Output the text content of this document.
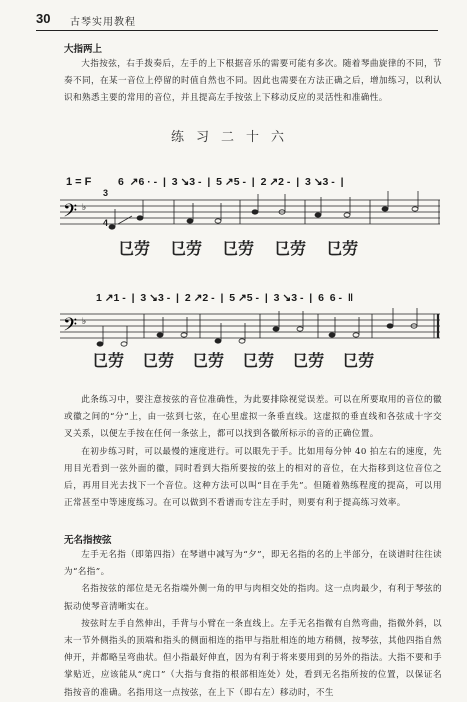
30 古琴实用教程
大指两上

大指按弦，右手拨奏后，左手的上下根据音乐的需要可能有多次。随着琴曲旋律的不同，节奏不同，在某一音位上停留的时值自然也不同。因此也需要在方法正确之后，增加练习，以利认识和熟悉主要的常用的音位，并且提高左手按弦上下移动反应的灵活性和准确性。

练习二十六
1 = F

3

4

6  ↗6 · -  |  3 ↘3 -  |  5 ↗5 -  |  2 ↗2 -  |  3 ↘3 -  |
𝄢 ♭
㔾劳 㔾劳 㔾劳 㔾劳 㔾劳
1 ↗1 -  |  3 ↘3 -  |  2 ↗2 -  |  5 ↗5 -  |  3 ↘3 -  |  6  6 -  ‖
𝄢 ♭
㔾劳 㔾劳 㔾劳 㔾劳 㔾劳 㔾劳

此条练习中，要注意按弦的音位准确性，为此要排除视觉误差。可以在所要取用的音位的徽或徽之间的“分”上，由一弦到七弦，在心里虚拟一条垂直线。这虚拟的垂直线和各弦成十字交叉关系，以便左手按在任何一条弦上，都可以找到各徽所标示的音的正确位置。

在初步练习时，可以最慢的速度进行。可以眼先于手。比如用每分钟 40 拍左右的速度，先用目光看到一弦外面的徽，同时看到大指所要按的弦上的相对的音位，在大指移到这位音位之后，再用目光去找下一个音位。这种方法可以叫“目在手先”。但随着熟练程度的提高，可以用正常甚至中等速度练习。在可以做到不看谱而专注左手时，则要有利于提高练习效率。

无名指按弦

左手无名指（即第四指）在琴谱中减写为“夕”，即无名指的名的上半部分，在谈谱时往往读为“名指”。

名指按弦的部位是无名指端外侧一角的甲与肉相交处的指肉。这一点肉最少，有利于琴弦的振动使琴音清晰实在。

按弦时左手自然伸出，手背与小臂在一条直线上。左手无名指微有自然弯曲，指微外斜，以末一节外侧指头的顶端和指头的侧面相连的指甲与指肚相连的地方稍侧，按琴弦，其他四指自然伸开，并都略呈弯曲状。但小指最好伸直，因为有利于将来要用到的另外的指法。大指不要和手掌贴近，应该能从“虎口”（大指与食指的根部相连处）处，看到无名指所按的位置，以保证名指按音的准确。名指用这一点按弦，在上下（即右左）移动时，不生
